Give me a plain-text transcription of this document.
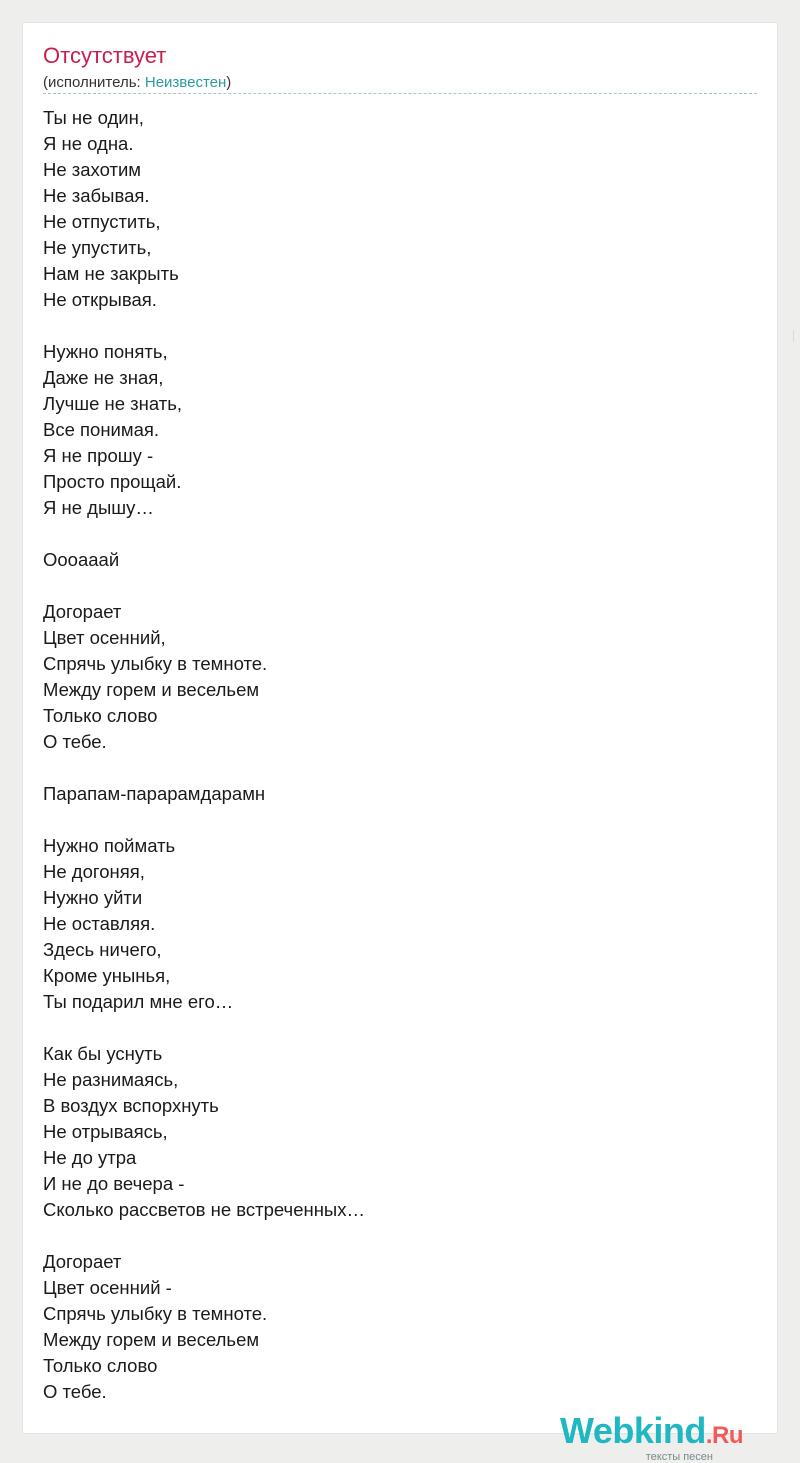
Отсутствует
(исполнитель: Неизвестен)
Ты не один,
Я не одна.
Не захотим
Не забывая.
Не отпустить,
Не упустить,
Нам не закрыть
Не открывая.
Нужно понять,
Даже не зная,
Лучше не знать,
Все понимая.
Я не прошу -
Просто прощай.
Я не дышу…
Ооoааай
Догорает
Цвет осенний,
Спрячь улыбку в темноте.
Между горем и весельем
Только слово
О тебе.
Парапам-парарамдарамн
Нужно поймать
Не догоняя,
Нужно уйти
Не оставляя.
Здесь ничего,
Кроме унынья,
Ты подарил мне его…
Как бы уснуть
Не разнимаясь,
В воздух вспорхнуть
Не отрываясь,
Не до утра
И не до вечера -
Сколько рассветов не встреченных…
Догорает
Цвет осенний -
Спрячь улыбку в темноте.
Между горем и весельем
Только слово
О тебе.
Webkind.Ru
тексты песен
